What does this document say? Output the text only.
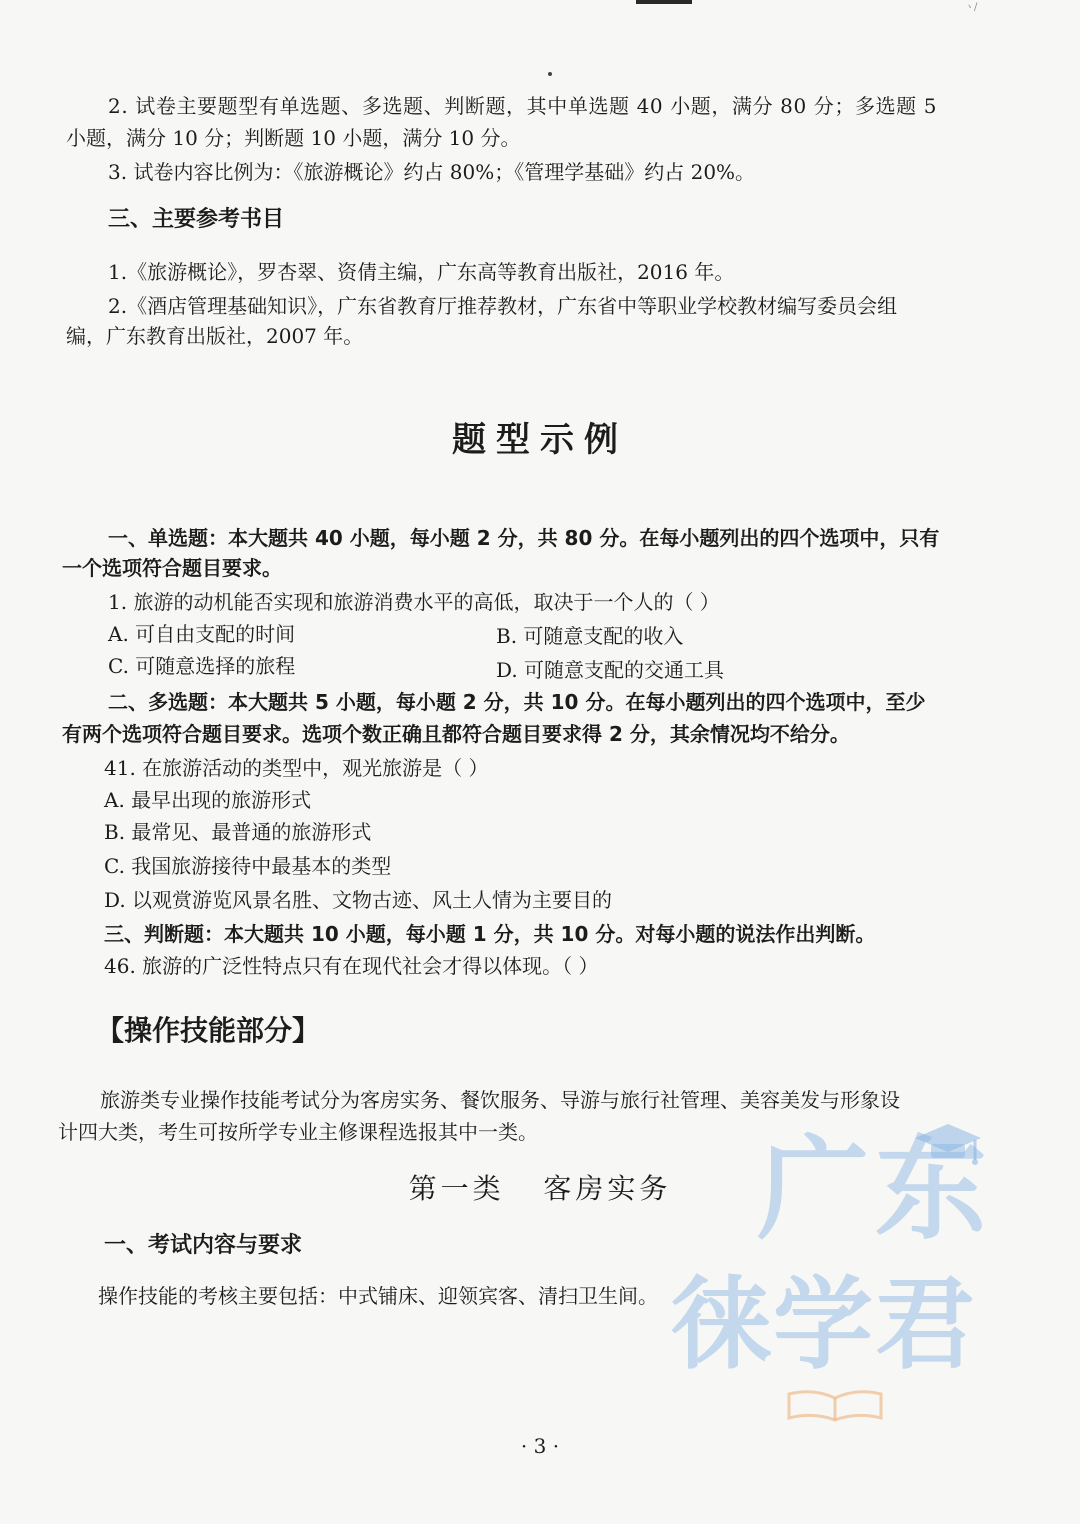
ヽ/
2. 试卷主要题型有单选题、多选题、判断题，其中单选题 40 小题，满分 80 分；多选题 5
小题，满分 10 分；判断题 10 小题，满分 10 分。
3. 试卷内容比例为：《旅游概论》约占 80%；《管理学基础》约占 20%。
三、主要参考书目
1.《旅游概论》，罗杏翠、资倩主编，广东高等教育出版社，2016 年。
2.《酒店管理基础知识》，广东省教育厅推荐教材，广东省中等职业学校教材编写委员会组
编，广东教育出版社，2007 年。
题型示例
一、单选题：本大题共 40 小题，每小题 2 分，共 80 分。在每小题列出的四个选项中，只有
一个选项符合题目要求。
1. 旅游的动机能否实现和旅游消费水平的高低，取决于一个人的（ ）
A. 可自由支配的时间	B. 可随意支配的收入
C. 可随意选择的旅程	D. 可随意支配的交通工具
二、多选题：本大题共 5 小题，每小题 2 分，共 10 分。在每小题列出的四个选项中，至少
有两个选项符合题目要求。选项个数正确且都符合题目要求得 2 分，其余情况均不给分。
41. 在旅游活动的类型中，观光旅游是（ ）
A. 最早出现的旅游形式
B. 最常见、最普通的旅游形式
C. 我国旅游接待中最基本的类型
D. 以观赏游览风景名胜、文物古迹、风土人情为主要目的
三、判断题：本大题共 10 小题，每小题 1 分，共 10 分。对每小题的说法作出判断。
46. 旅游的广泛性特点只有在现代社会才得以体现。（ ）
【操作技能部分】
旅游类专业操作技能考试分为客房实务、餐饮服务、导游与旅行社管理、美容美发与形象设
计四大类，考生可按所学专业主修课程选报其中一类。
第一类   客房实务
一、考试内容与要求
操作技能的考核主要包括：中式铺床、迎领宾客、清扫卫生间。
广东
徕学君
· 3 ·
